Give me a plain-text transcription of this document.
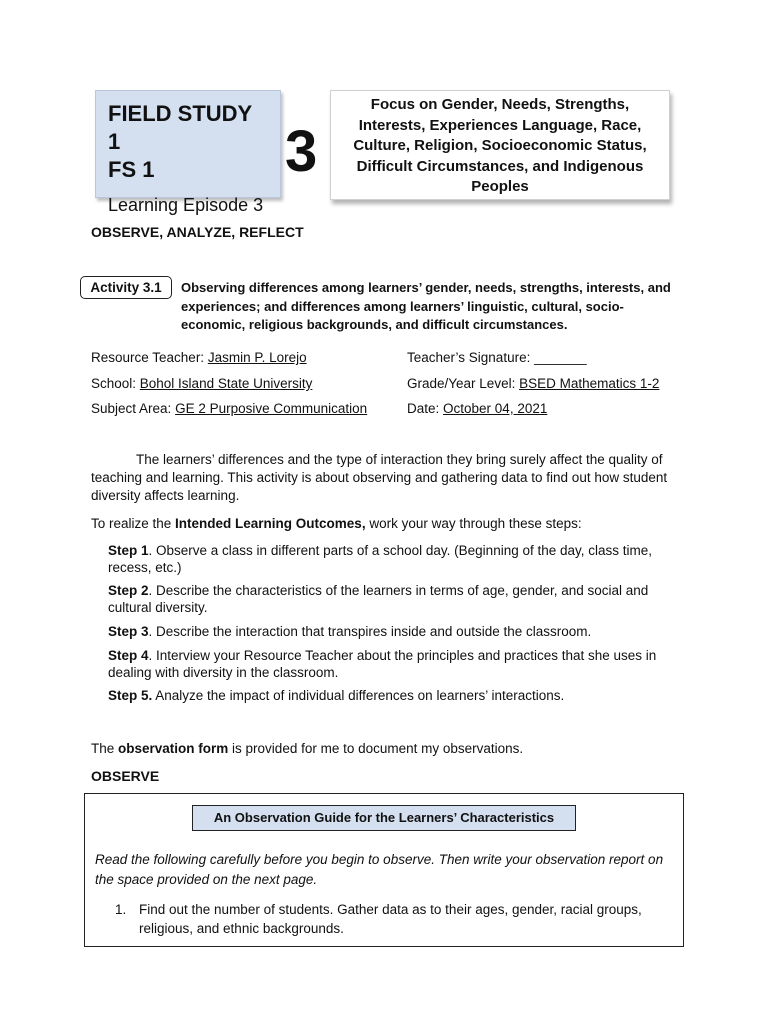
FIELD STUDY 1
FS 1
Learning Episode 3
3
Focus on Gender, Needs, Strengths, Interests, Experiences Language, Race, Culture, Religion, Socioeconomic Status, Difficult Circumstances, and Indigenous Peoples
OBSERVE, ANALYZE, REFLECT
Activity 3.1	Observing differences among learners’ gender, needs, strengths, interests, and experiences; and differences among learners’ linguistic, cultural, socio-economic, religious backgrounds, and difficult circumstances.
Resource Teacher: Jasmin P. Lorejo	Teacher’s Signature: _______
School: Bohol Island State University	Grade/Year Level: BSED Mathematics 1-2
Subject Area: GE 2 Purposive Communication	Date: October 04, 2021
The learners’ differences and the type of interaction they bring surely affect the quality of teaching and learning. This activity is about observing and gathering data to find out how student diversity affects learning.
To realize the Intended Learning Outcomes, work your way through these steps:
Step 1. Observe a class in different parts of a school day. (Beginning of the day, class time, recess, etc.)
Step 2. Describe the characteristics of the learners in terms of age, gender, and social and cultural diversity.
Step 3. Describe the interaction that transpires inside and outside the classroom.
Step 4. Interview your Resource Teacher about the principles and practices that she uses in dealing with diversity in the classroom.
Step 5. Analyze the impact of individual differences on learners’ interactions.
The observation form is provided for me to document my observations.
OBSERVE
An Observation Guide for the Learners’ Characteristics
Read the following carefully before you begin to observe. Then write your observation report on the space provided on the next page.
1. Find out the number of students. Gather data as to their ages, gender, racial groups, religious, and ethnic backgrounds.
